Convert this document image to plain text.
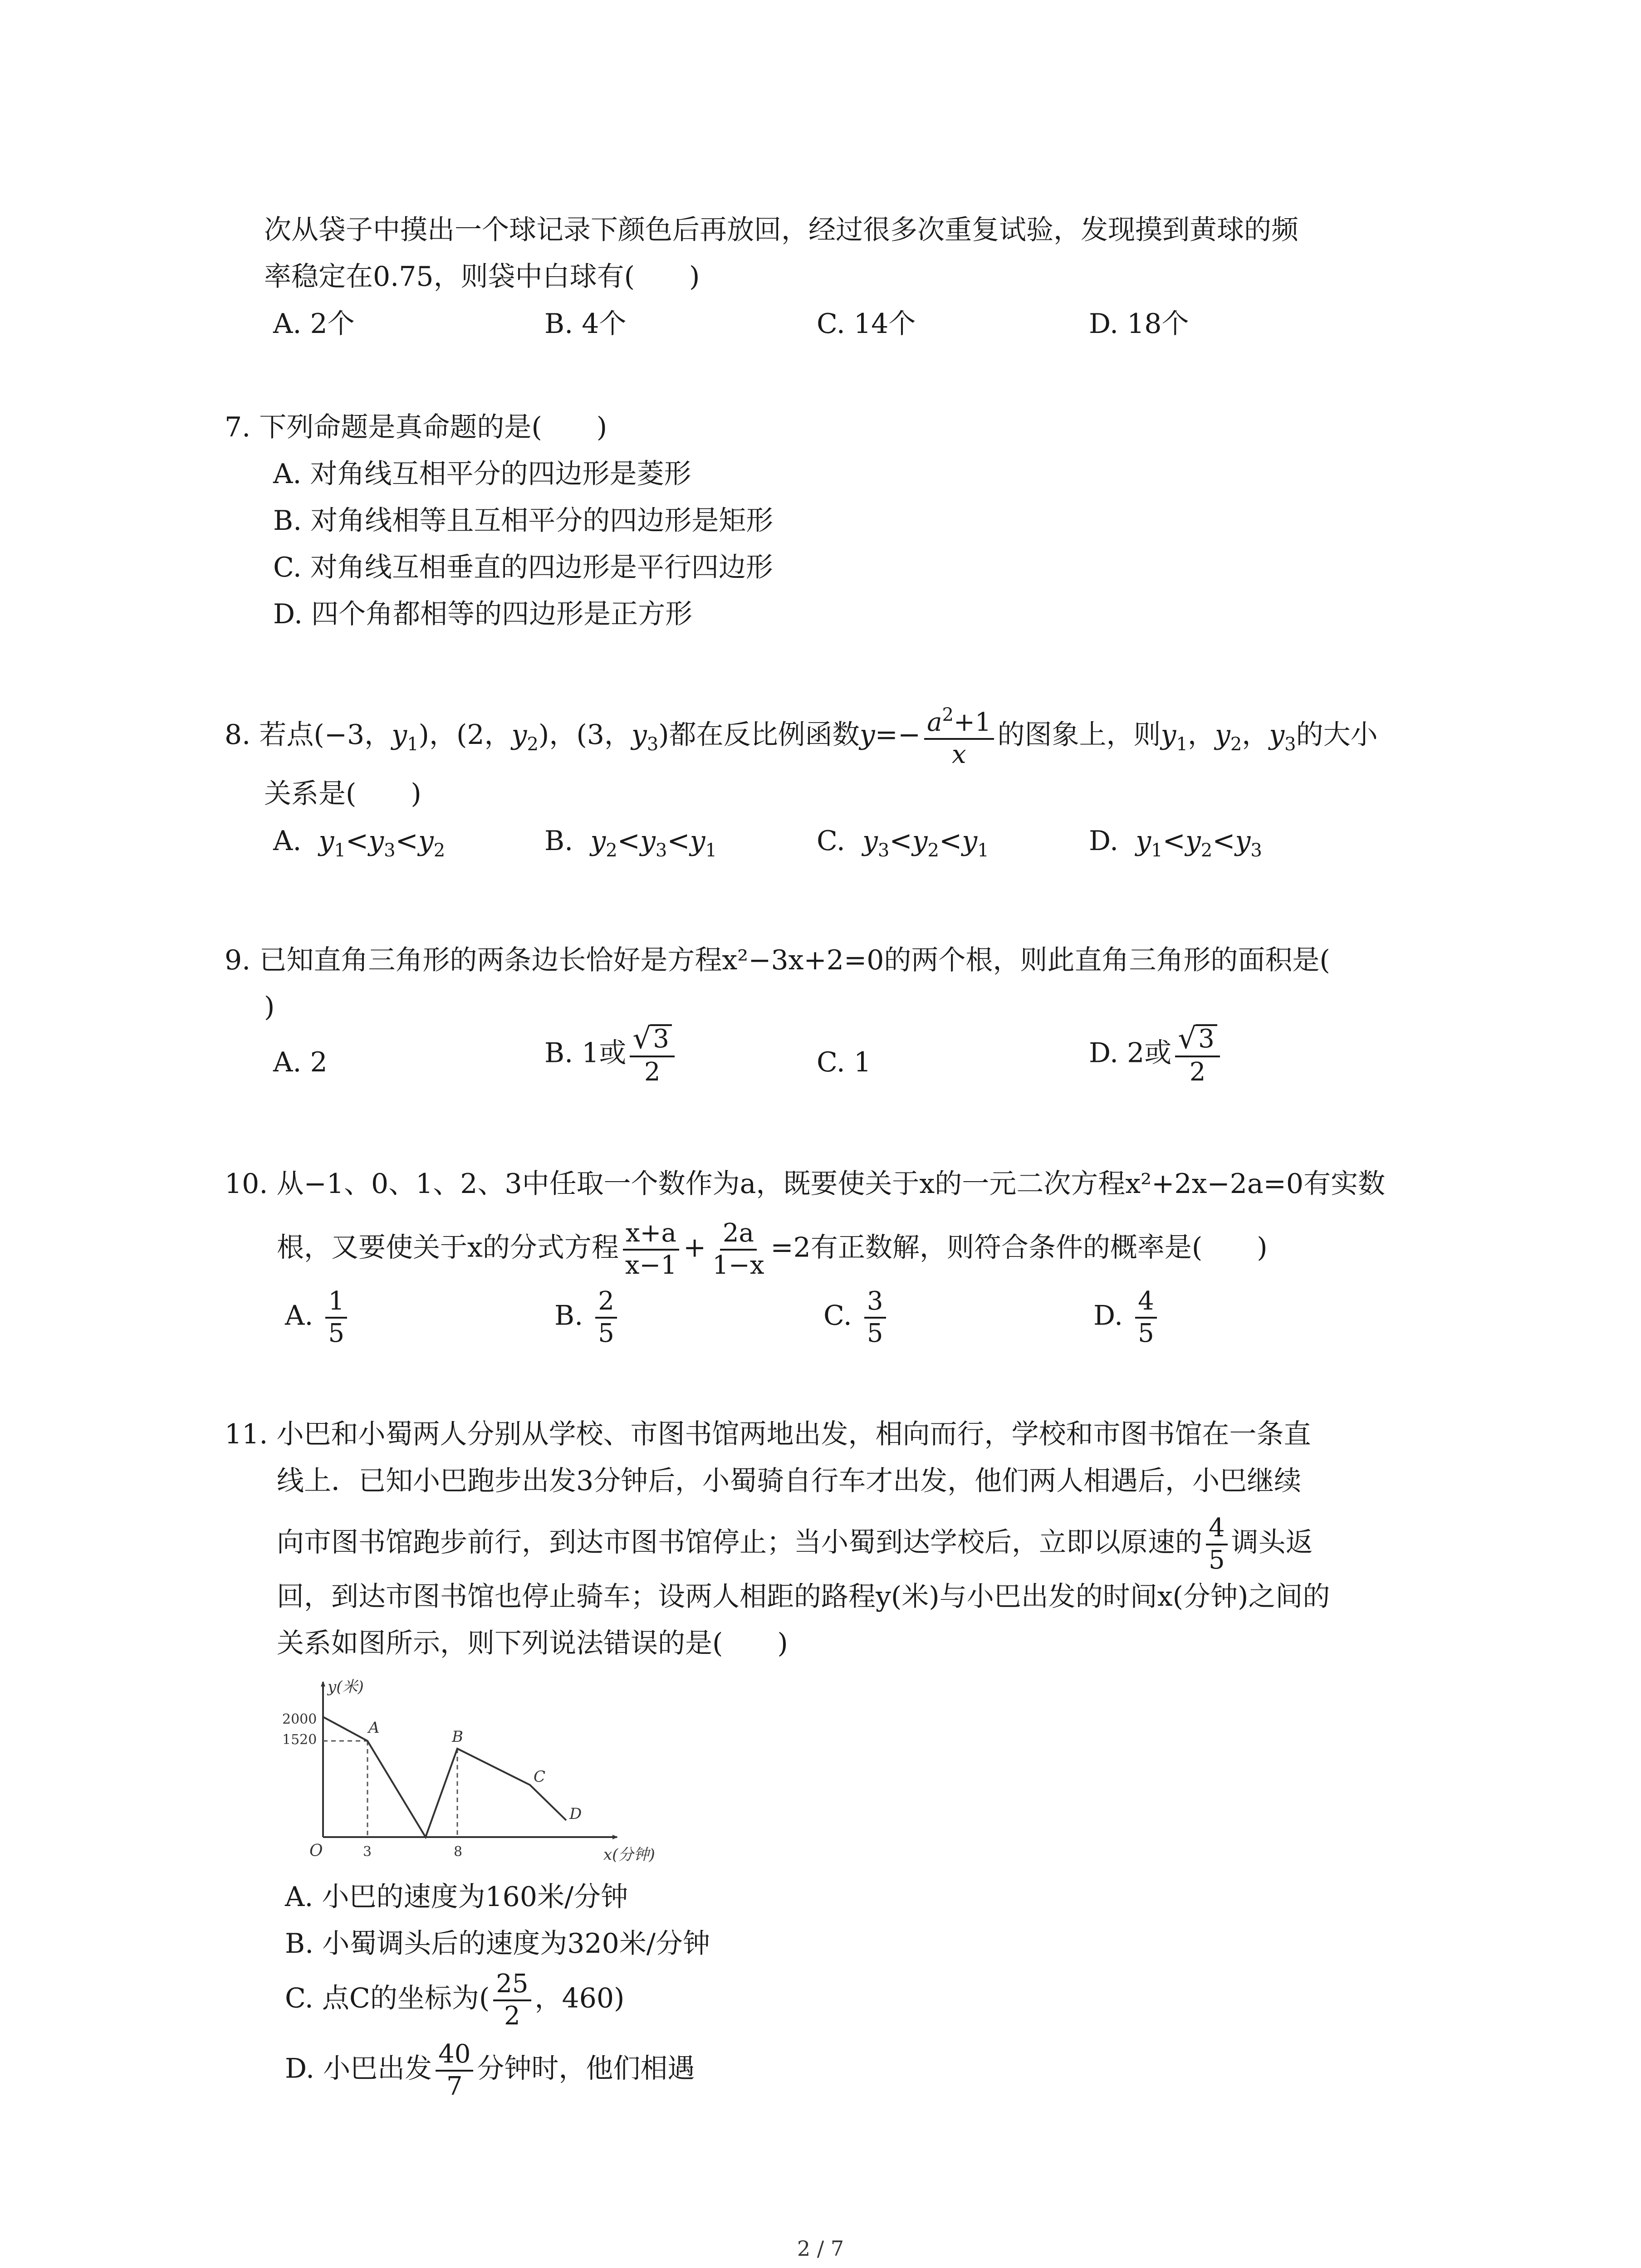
次从袋子中摸出一个球记录下颜色后再放回，经过很多次重复试验，发现摸到黄球的频
率稳定在0.75，则袋中白球有(　　)
A. 2个	B. 4个	C. 14个	D. 18个
7. 下列命题是真命题的是(　　)
A. 对角线互相平分的四边形是菱形
B. 对角线相等且互相平分的四边形是矩形
C. 对角线互相垂直的四边形是平行四边形
D. 四个角都相等的四边形是正方形
8. 若点(−3，$y_1$)，(2，$y_2$)，(3，$y_3$)都在反比例函数$y=- \frac{a^2+1}{x}$ 的图象上，则$y_1$，$y_2$，$y_3$的大小
关系是(　　)
A.  $y_1<y_3<y_2$	B.  $y_2<y_3<y_1$	C.  $y_3<y_2<y_1$	D.  $y_1<y_2<y_3$
9. 已知直角三角形的两条边长恰好是方程x²−3x+2=0的两个根，则此直角三角形的面积是(
)
A. 2	B. 1或 $\frac{√ 3}{2}$	C. 1	D. 2或 $\frac{√ 3}{2}$
10. 从−1、0、1、2、3中任取一个数作为a，既要使关于x的一元二次方程x²+2x−2a=0有实数
根，又要使关于x的分式方程 $\frac{x+a}{x-1} + \frac{2a}{1-x} =2$有正数解，则符合条件的概率是(　　)
A. $\frac{1}{5}$	B. $\frac{2}{5}$	C. $\frac{3}{5}$	D. $\frac{4}{5}$
11. 小巴和小蜀两人分别从学校、市图书馆两地出发，相向而行，学校和市图书馆在一条直
线上．已知小巴跑步出发3分钟后，小蜀骑自行车才出发，他们两人相遇后，小巴继续
向市图书馆跑步前行，到达市图书馆停止；当小蜀到达学校后，立即以原速的 $\frac{4}{5}$ 调头返
回，到达市图书馆也停止骑车；设两人相距的路程y(米)与小巴出发的时间x(分钟)之间的
关系如图所示，则下列说法错误的是(　　)
y(米)
x(分钟)
O
2000
1520
3	8
A	B
C
D
A. 小巴的速度为160米/分钟
B. 小蜀调头后的速度为320米/分钟
C. 点C的坐标为( $\frac{25}{2}$ ，460)
D. 小巴出发 $\frac{40}{7}$ 分钟时，他们相遇
2 / 7
